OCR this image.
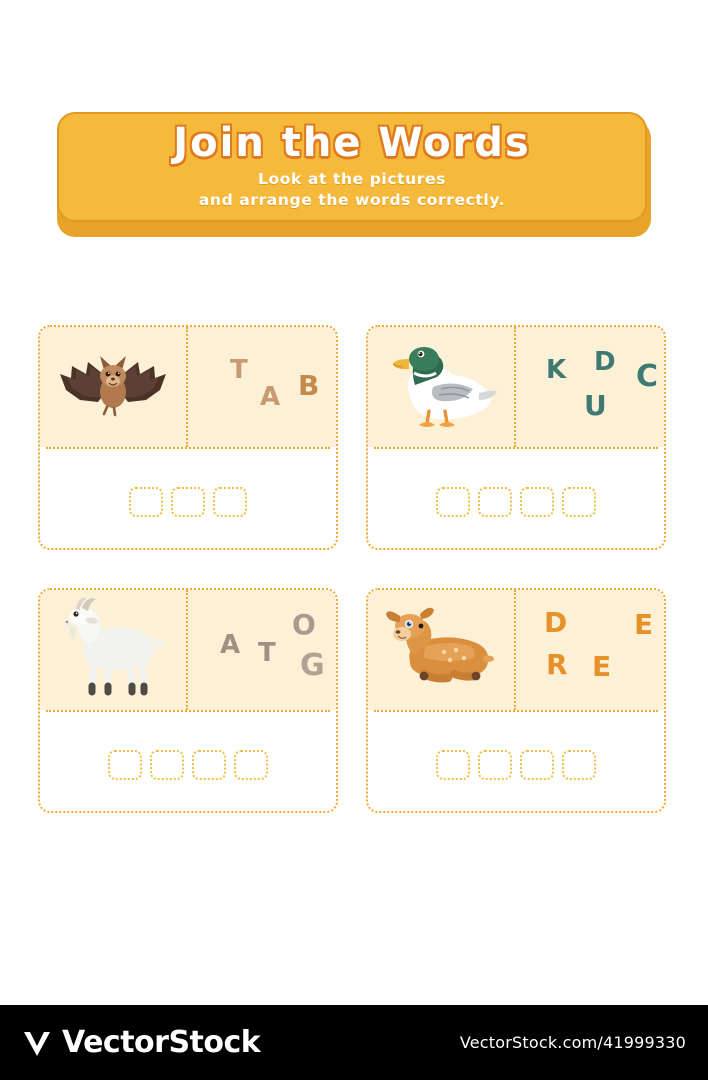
Join the Words
Look at the pictures
and arrange the words correctly.
T
A B	K D C
U
A T
O
G
D E
R E
VectorStock	VectorStock.com/41999330
